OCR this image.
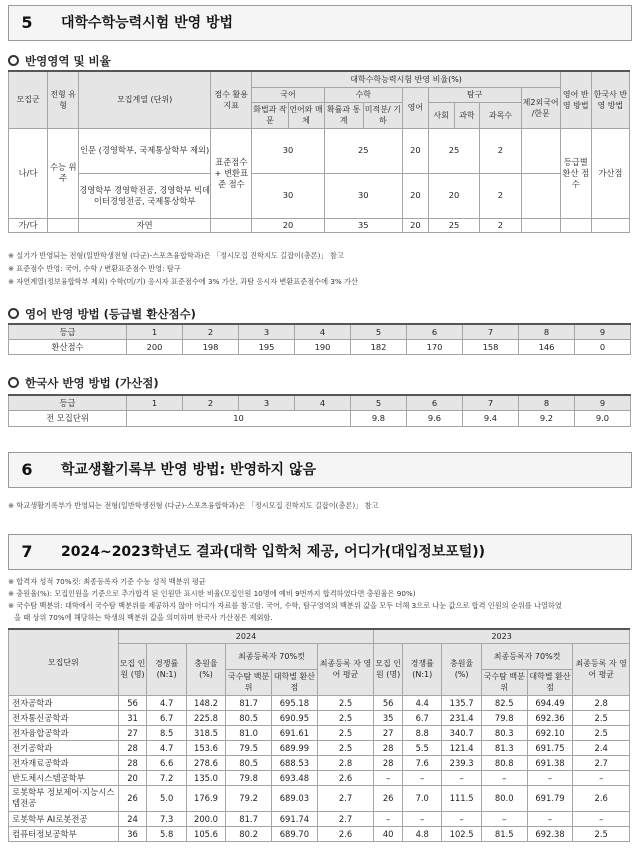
5	대학수학능력시험 반영 방법
반영영역 및 비율
모집군	전형 유형	모집계열 (단위)	점수 활용 지표	대학수학능력시험 반영 비율(%)									영어 반영 방법	한국사 반영 방법
				국어		수학		영어	탐구			제2외국어 /한문		
				화법과 작문	언어와 매체	확률과 통계	미적분/ 기하		사회	과학	과목수			
나/다	수능 위주	인문 (경영학부, 국제통상학부 제외)	표준점수 + 변환표준 점수	30		25		20	25		2		등급별 환산 점수	가산점
		경영학부 경영학전공, 경영학부 빅데이터경영전공, 국제통상학부		30		30		20	20		2			
가/다		자연		20		35		20	25		2			
※ 실기가 반영되는 전형(일반학생전형 (다군)-스포츠융합학과)은 「정시모집 진학지도 길잡이(총론)」 참고
※ 표준점수 반영: 국어, 수학 / 변환표준점수 반영: 탐구
※ 자연계열(정보융합학부 제외) 수학(미/기) 응시자 표준점수에 3% 가산, 과탐 응시자 변환표준점수에 3% 가산
영어 반영 방법 (등급별 환산점수)
등급	1	2	3	4	5	6	7	8	9
환산점수	200	198	195	190	182	170	158	146	0
한국사 반영 방법 (가산점)
등급	1	2	3	4	5	6	7	8	9
전 모집단위	10				9.8	9.6	9.4	9.2	9.0
6	학교생활기록부 반영 방법: 반영하지 않음
※ 학교생활기록부가 반영되는 전형(일반학생전형 (다군)-스포츠융합학과)은 「정시모집 진학지도 길잡이(총론)」 참고
7	2024~2023학년도 결과(대학 입학처 제공, 어디가(대입정보포털))
※ 합격자 성적 70%컷: 최종등록자 기준 수능 성적 백분위 평균
※ 충원율(%): 모집인원을 기준으로 추가합격 된 인원만 표시한 비율(모집인원 10명에 예비 9번까지 합격하였다면 충원율은 90%)
※ 국수탐 백분위: 대학에서 국수탐 백분위를 제공하지 않아 어디가 자료를 참고함. 국어, 수학, 탐구영역의 백분위 값을 모두 더해 3으로 나눈 값으로 합격 인원의 순위를 나열하였
을 때 상위 70%에 해당하는 학생의 백분위 값을 의미하며 한국사 가산점은 제외함.
모집단위	2024						2023					
	모집 인원 (명)	경쟁률 (N:1)	충원율 (%)	최종등록자 70%컷		최종등록 자 영어 평균	모집 인원 (명)	경쟁률 (N:1)	충원율 (%)	최종등록자 70%컷		최종등록 자 영어 평균
				국수탐 백분위	대학별 환산점					국수탐 백분위	대학별 환산점	
전자공학과	56	4.7	148.2	81.7	695.18	2.5	56	4.4	135.7	82.5	694.49	2.8
전자통신공학과	31	6.7	225.8	80.5	690.95	2.5	35	6.7	231.4	79.8	692.36	2.5
전자융합공학과	27	8.5	318.5	81.0	691.61	2.5	27	8.8	340.7	80.3	692.10	2.5
전기공학과	28	4.7	153.6	79.5	689.99	2.5	28	5.5	121.4	81.3	691.75	2.4
전자재료공학과	28	6.6	278.6	80.5	688.53	2.8	28	7.6	239.3	80.8	691.38	2.7
반도체시스템공학부	20	7.2	135.0	79.8	693.48	2.6	–	–	–	–	–	–
로봇학부 정보제어·지능시스템전공	26	5.0	176.9	79.2	689.03	2.7	26	7.0	111.5	80.0	691.79	2.6
로봇학부 AI로봇전공	24	7.3	200.0	81.7	691.74	2.7	–	–	–	–	–	–
컴퓨터정보공학부	36	5.8	105.6	80.2	689.70	2.6	40	4.8	102.5	81.5	692.38	2.5
